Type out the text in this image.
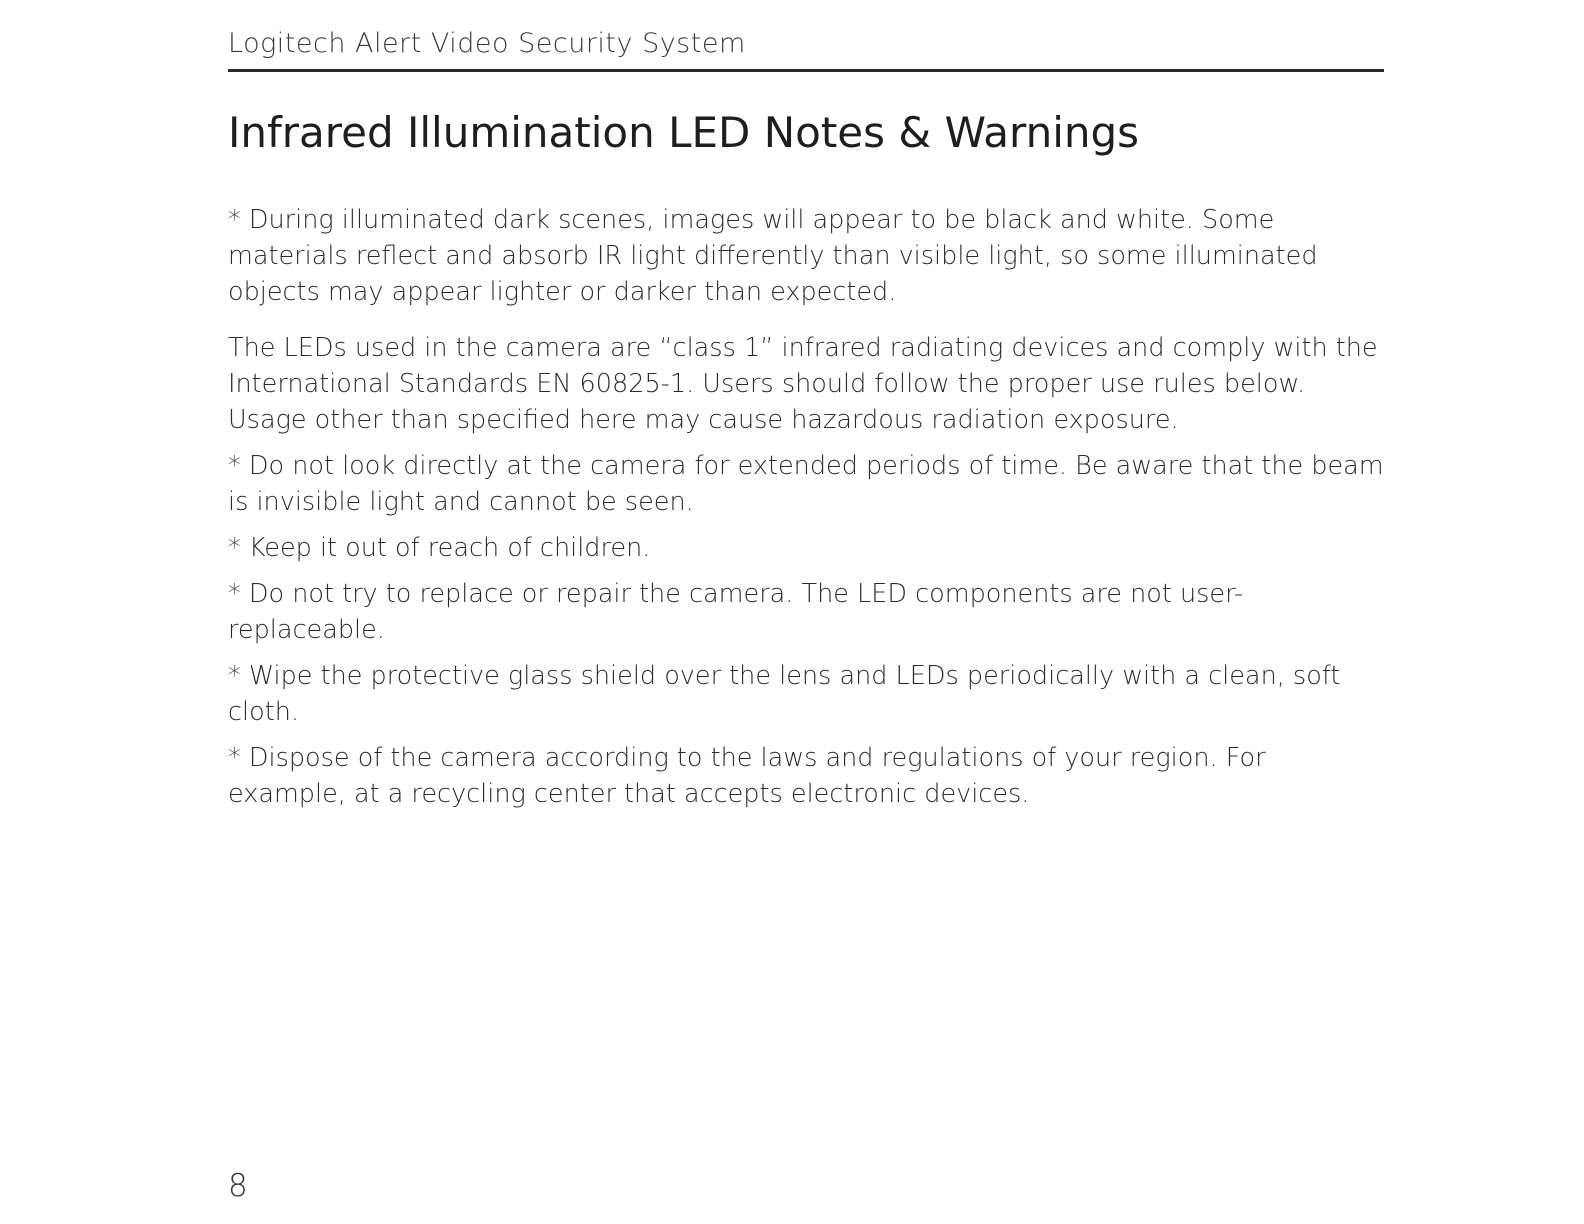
Logitech Alert Video Security System
Infrared Illumination LED Notes & Warnings

* During illuminated dark scenes, images will appear to be black and white. Some materials reflect and absorb IR light differently than visible light, so some illuminated objects may appear lighter or darker than expected.

The LEDs used in the camera are “class 1” infrared radiating devices and comply with the International Standards EN 60825-1. Users should follow the proper use rules below. Usage other than specified here may cause hazardous radiation exposure.

* Do not look directly at the camera for extended periods of time. Be aware that the beam is invisible light and cannot be seen.

* Keep it out of reach of children.

* Do not try to replace or repair the camera. The LED components are not user-replaceable.

* Wipe the protective glass shield over the lens and LEDs periodically with a clean, soft cloth.

* Dispose of the camera according to the laws and regulations of your region. For example, at a recycling center that accepts electronic devices.

8
